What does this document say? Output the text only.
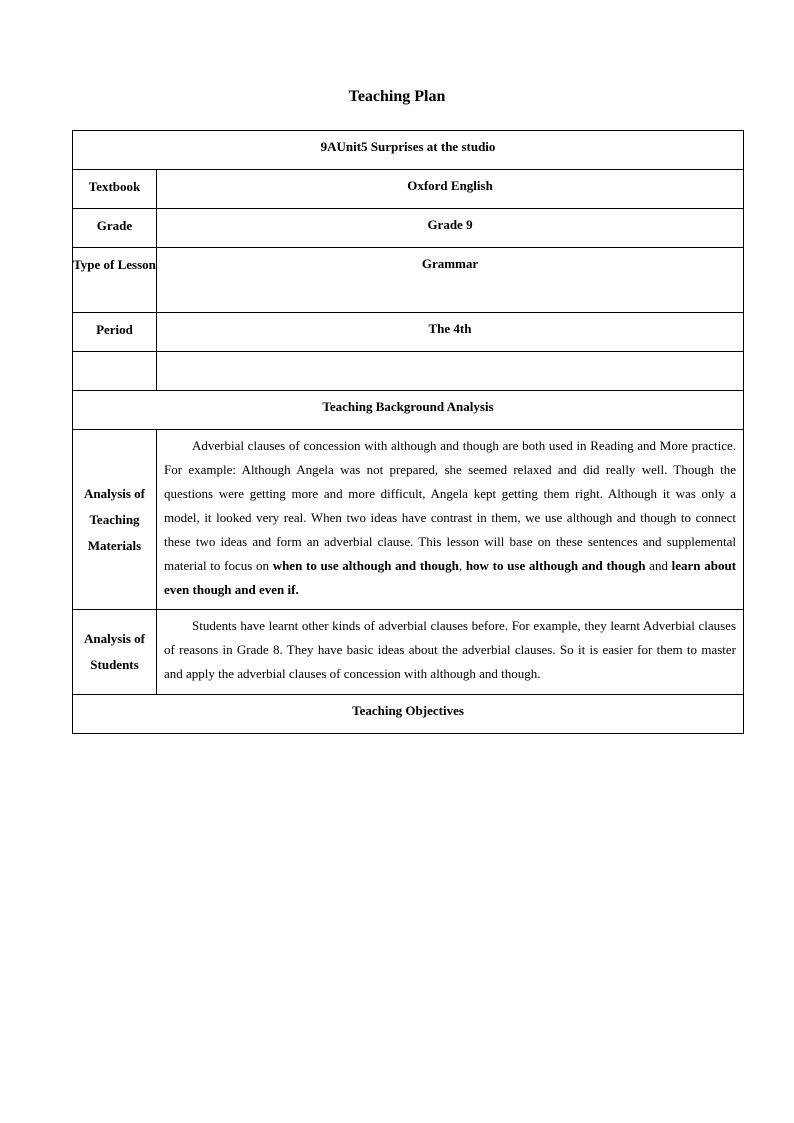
Teaching Plan
9AUnit5 Surprises at the studio	
Textbook	Oxford English
Grade	Grade 9
Type of Lesson	Grammar
Period	The 4th

Teaching Background Analysis	
Analysis of Teaching Materials	Adverbial clauses of concession with although and though are both used in Reading and More practice. For example: Although Angela was not prepared, she seemed relaxed and did really well. Though the questions were getting more and more difficult, Angela kept getting them right. Although it was only a model, it looked very real. When two ideas have contrast in them, we use although and though to connect these two ideas and form an adverbial clause. This lesson will base on these sentences and supplemental material to focus on when to use although and though, how to use although and though and learn about even though and even if.
Analysis of Students	Students have learnt other kinds of adverbial clauses before. For example, they learnt Adverbial clauses of reasons in Grade 8. They have basic ideas about the adverbial clauses. So it is easier for them to master and apply the adverbial clauses of concession with although and though.
Teaching Objectives	
